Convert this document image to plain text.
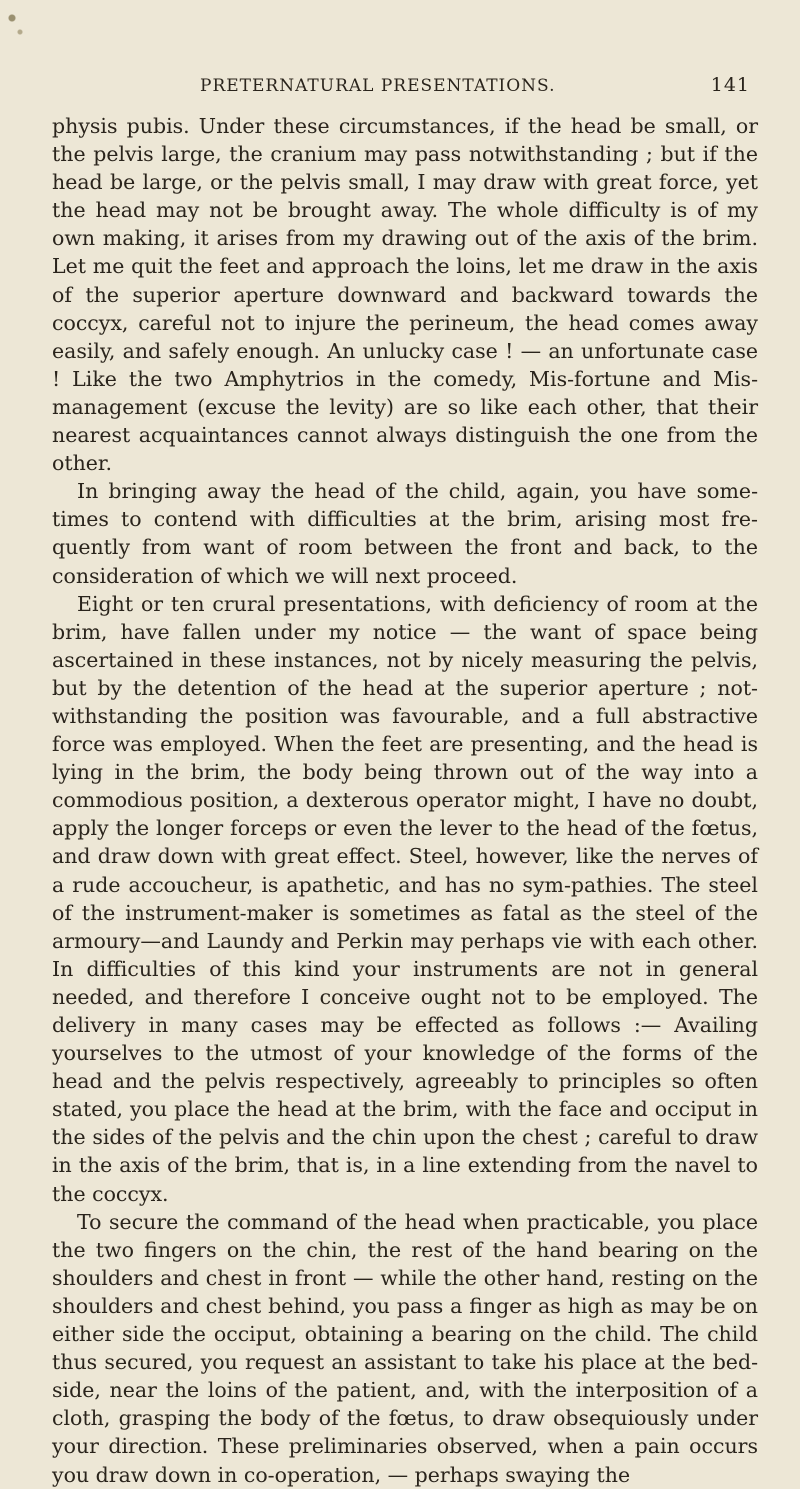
PRETERNATURAL PRESENTATIONS.	141

physis pubis. Under these circumstances, if the head be small, or the pelvis large, the cranium may pass notwithstanding ; but if the head be large, or the pelvis small, I may draw with great force, yet the head may not be brought away. The whole difficulty is of my own making, it arises from my drawing out of the axis of the brim. Let me quit the feet and approach the loins, let me draw in the axis of the superior aperture downward and backward towards the coccyx, careful not to injure the perineum, the head comes away easily, and safely enough. An unlucky case ! — an unfortunate case ! Like the two Amphytrios in the comedy, Mis-fortune and Mis-management (excuse the levity) are so like each other, that their nearest acquaintances cannot always distinguish the one from the other.

In bringing away the head of the child, again, you have some-times to contend with difficulties at the brim, arising most fre-quently from want of room between the front and back, to the consideration of which we will next proceed.

Eight or ten crural presentations, with deficiency of room at the brim, have fallen under my notice — the want of space being ascertained in these instances, not by nicely measuring the pelvis, but by the detention of the head at the superior aperture ; not-withstanding the position was favourable, and a full abstractive force was employed. When the feet are presenting, and the head is lying in the brim, the body being thrown out of the way into a commodious position, a dexterous operator might, I have no doubt, apply the longer forceps or even the lever to the head of the fœtus, and draw down with great effect. Steel, however, like the nerves of a rude accoucheur, is apathetic, and has no sym-pathies. The steel of the instrument-maker is sometimes as fatal as the steel of the armoury—and Laundy and Perkin may perhaps vie with each other. In difficulties of this kind your instruments are not in general needed, and therefore I conceive ought not to be employed. The delivery in many cases may be effected as follows :— Availing yourselves to the utmost of your knowledge of the forms of the head and the pelvis respectively, agreeably to principles so often stated, you place the head at the brim, with the face and occiput in the sides of the pelvis and the chin upon the chest ; careful to draw in the axis of the brim, that is, in a line extending from the navel to the coccyx.

To secure the command of the head when practicable, you place the two fingers on the chin, the rest of the hand bearing on the shoulders and chest in front — while the other hand, resting on the shoulders and chest behind, you pass a finger as high as may be on either side the occiput, obtaining a bearing on the child. The child thus secured, you request an assistant to take his place at the bed-side, near the loins of the patient, and, with the interposition of a cloth, grasping the body of the fœtus, to draw obsequiously under your direction. These preliminaries observed, when a pain occurs you draw down in co-operation, — perhaps swaying the
